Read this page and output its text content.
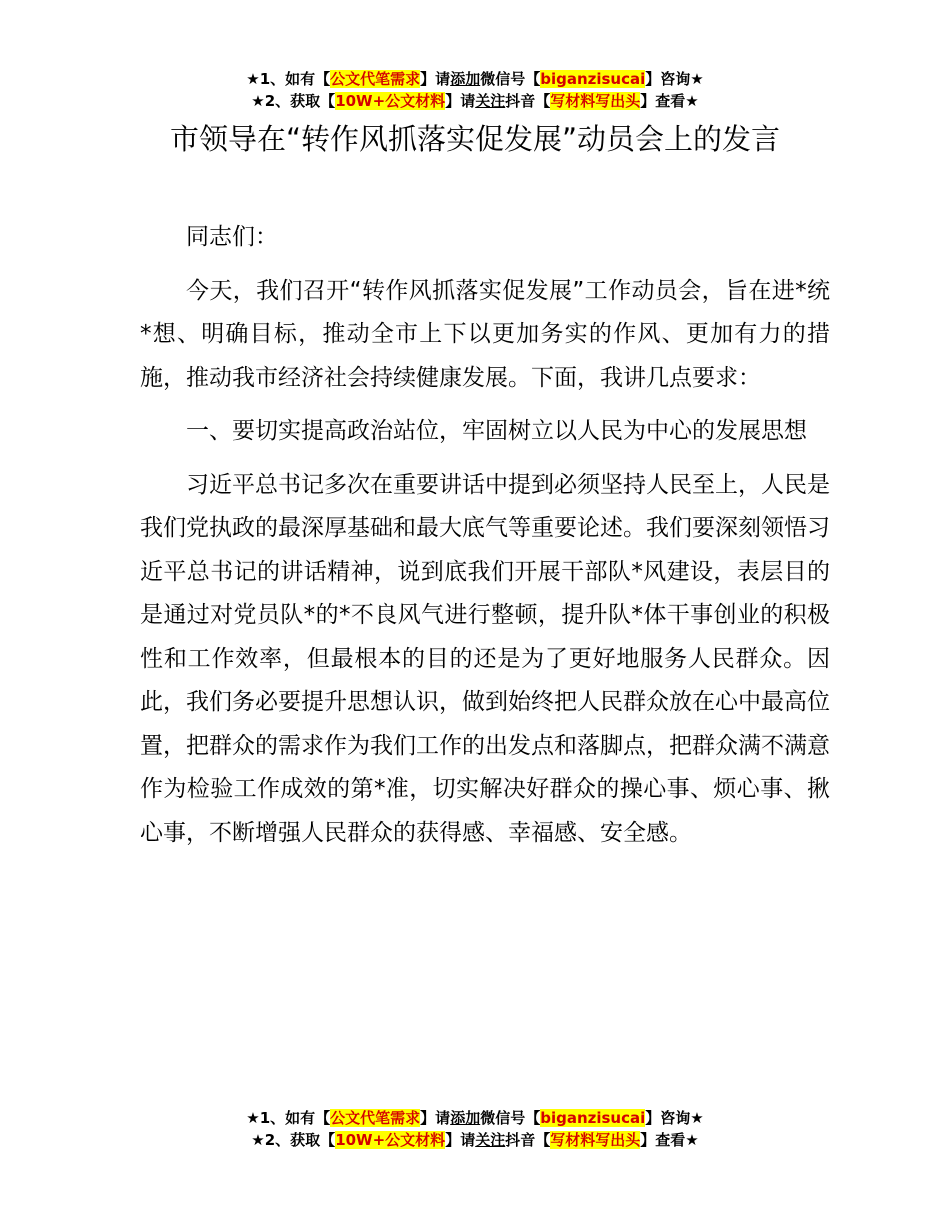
★1、如有【公文代笔需求】请添加微信号【biganzisucai】咨询★
★2、获取【10W+公文材料】请关注抖音【写材料写出头】查看★
市领导在“转作风抓落实促发展”动员会上的发言

同志们：

今天，我们召开“转作风抓落实促发展”工作动员会，旨在进*统*想、明确目标，推动全市上下以更加务实的作风、更加有力的措施，推动我市经济社会持续健康发展。下面，我讲几点要求：

一、要切实提高政治站位，牢固树立以人民为中心的发展思想

习近平总书记多次在重要讲话中提到必须坚持人民至上，人民是我们党执政的最深厚基础和最大底气等重要论述。我们要深刻领悟习近平总书记的讲话精神，说到底我们开展干部队*风建设，表层目的是通过对党员队*的*不良风气进行整顿，提升队*体干事创业的积极性和工作效率，但最根本的目的还是为了更好地服务人民群众。因此，我们务必要提升思想认识，做到始终把人民群众放在心中最高位置，把群众的需求作为我们工作的出发点和落脚点，把群众满不满意作为检验工作成效的第*准，切实解决好群众的操心事、烦心事、揪心事，不断增强人民群众的获得感、幸福感、安全感。

★1、如有【公文代笔需求】请添加微信号【biganzisucai】咨询★
★2、获取【10W+公文材料】请关注抖音【写材料写出头】查看★
